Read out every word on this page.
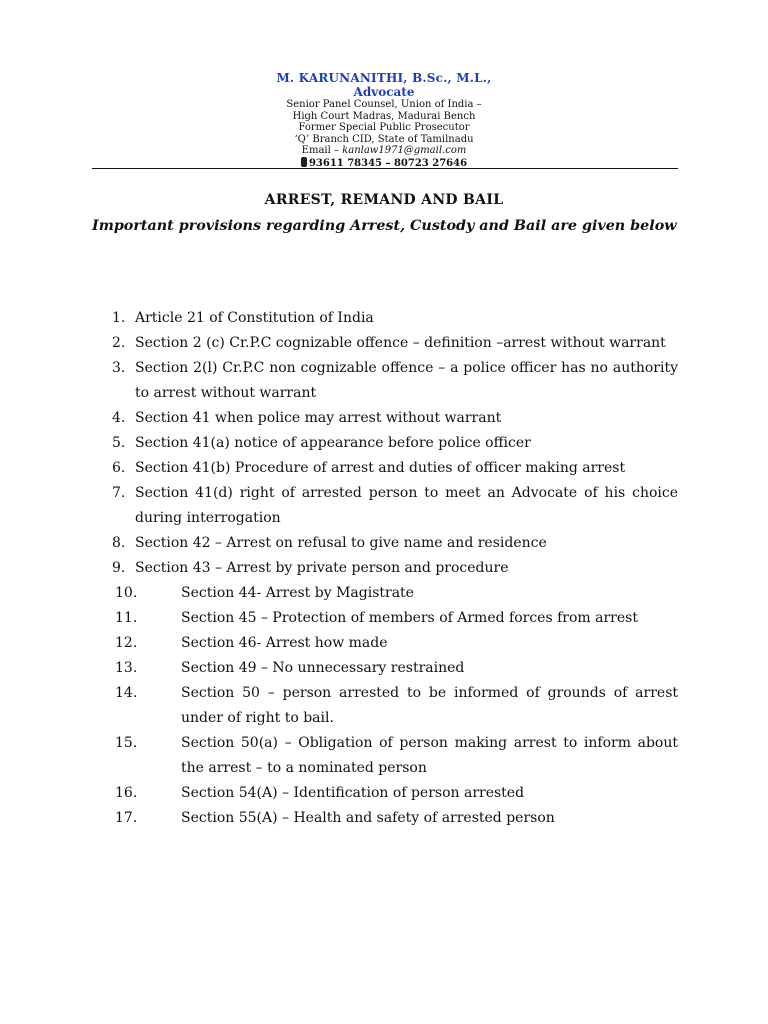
M. KARUNANITHI, B.Sc., M.L.,
Advocate
Senior Panel Counsel, Union of India –
High Court Madras, Madurai Bench
Former Special Public Prosecutor
‘Q’ Branch CID, State of Tamilnadu
Email – kanlaw1971@gmail.com
93611 78345 – 80723 27646
ARREST, REMAND AND BAIL
Important provisions regarding Arrest, Custody and Bail are given below
1. Article 21 of Constitution of India
2. Section 2 (c) Cr.P.C cognizable offence – definition –arrest without warrant
3. Section 2(l) Cr.P.C non cognizable offence – a police officer has no authority to arrest without warrant
4. Section 41 when police may arrest without warrant
5. Section 41(a) notice of appearance before police officer
6. Section 41(b) Procedure of arrest and duties of officer making arrest
7. Section 41(d) right of arrested person to meet an Advocate of his choice during interrogation
8. Section 42 – Arrest on refusal to give name and residence
9. Section 43 – Arrest by private person and procedure
10.	Section 44- Arrest by Magistrate
11.	Section 45 – Protection of members of Armed forces from arrest
12.	Section 46- Arrest how made
13.	Section 49 – No unnecessary restrained
14.	Section 50 – person arrested to be informed of grounds of arrest under of right to bail.
15.	Section 50(a) – Obligation of person making arrest to inform about the arrest – to a nominated person
16.	Section 54(A) – Identification of person arrested
17.	Section 55(A) – Health and safety of arrested person
